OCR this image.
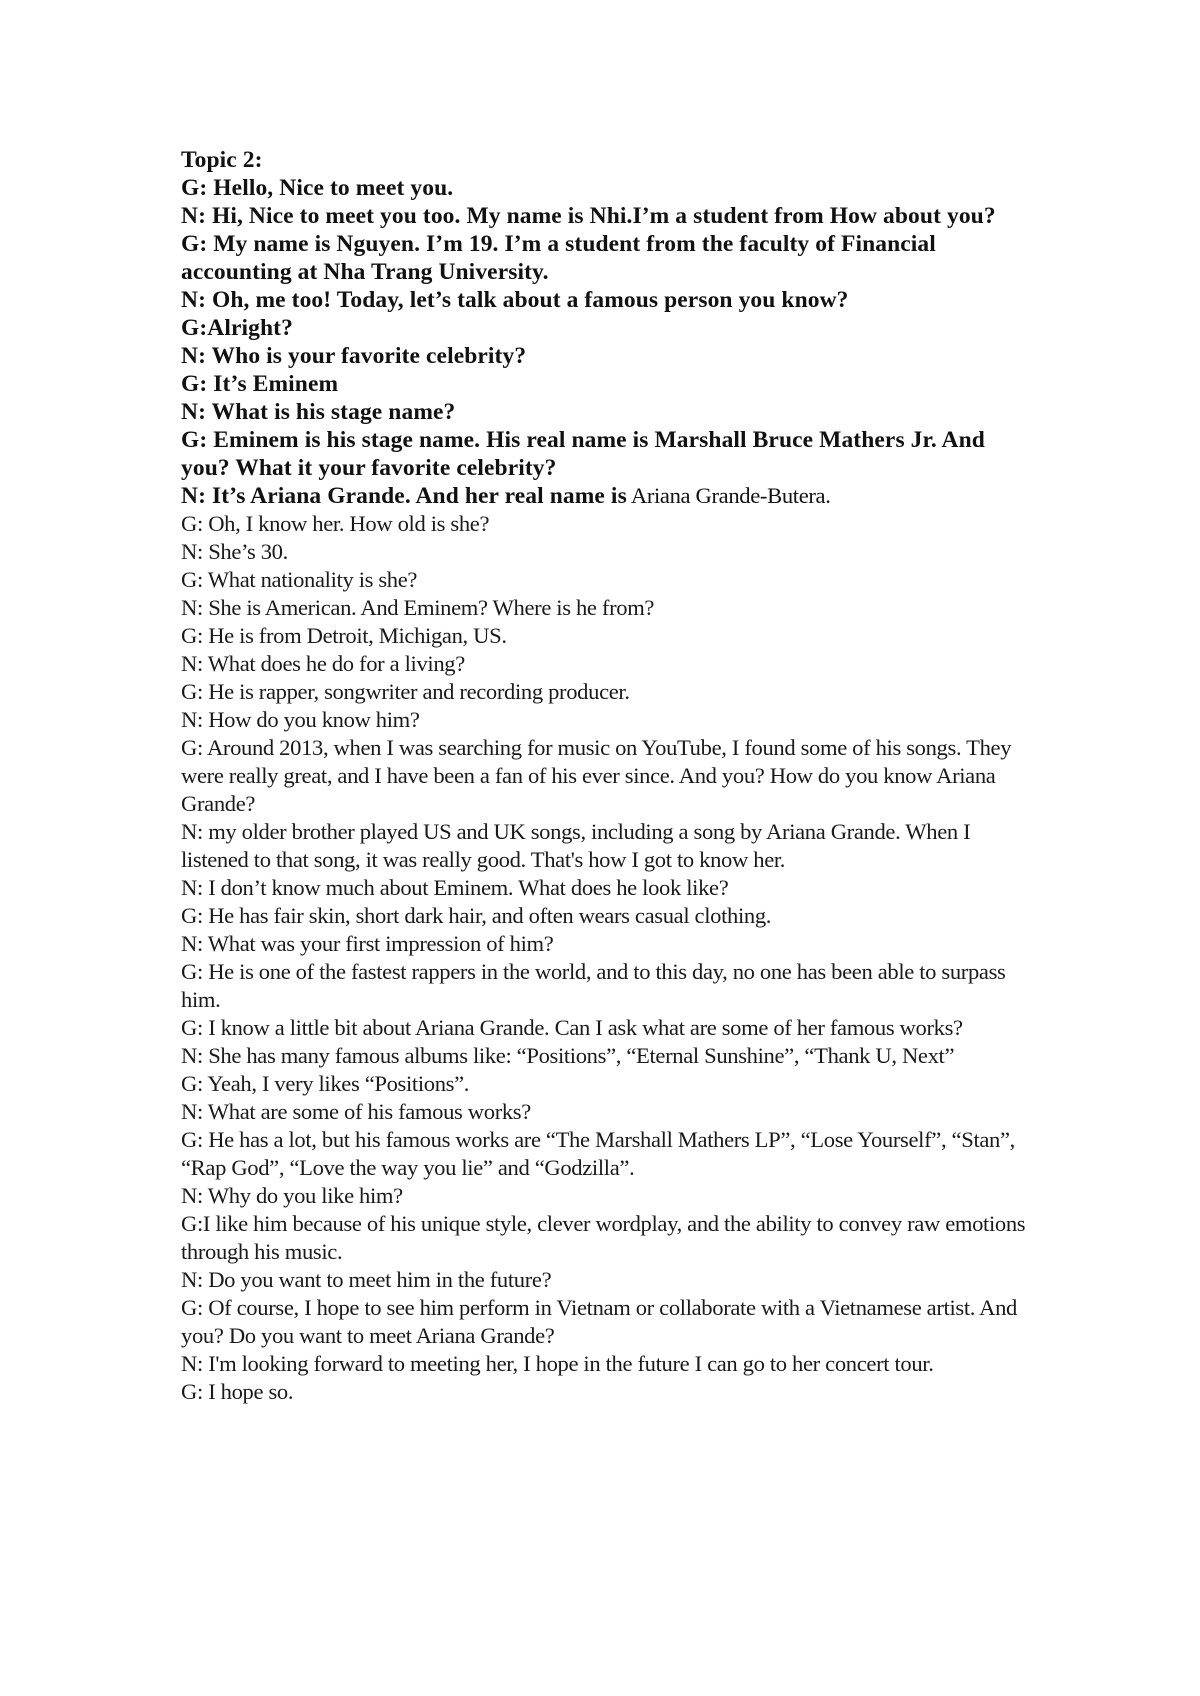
Topic 2:

G: Hello, Nice to meet you.

N: Hi, Nice to meet you too. My name is Nhi.I’m a student from How about you?

G: My name is Nguyen. I’m 19. I’m a student from the faculty of Financial accounting at Nha Trang University.

N: Oh, me too! Today, let’s talk about a famous person you know?

G:Alright?

N: Who is your favorite celebrity?

G: It’s Eminem

N: What is his stage name?

G: Eminem is his stage name. His real name is Marshall Bruce Mathers Jr. And you? What it your favorite celebrity?

N: It’s Ariana Grande. And her real name is Ariana Grande-Butera.

G: Oh, I know her. How old is she?

N: She’s 30.

G: What nationality is she?

N: She is American. And Eminem? Where is he from?

G: He is from Detroit, Michigan, US.

N: What does he do for a living?

G: He is rapper, songwriter and recording producer.

N: How do you know him?

G: Around 2013, when I was searching for music on YouTube, I found some of his songs. They were really great, and I have been a fan of his ever since. And you? How do you know Ariana Grande?

N: my older brother played US and UK songs, including a song by Ariana Grande. When I listened to that song, it was really good. That's how I got to know her.

N: I don’t know much about Eminem. What does he look like?

G: He has fair skin, short dark hair, and often wears casual clothing.

N: What was your first impression of him?

G: He is one of the fastest rappers in the world, and to this day, no one has been able to surpass him.

G: I know a little bit about Ariana Grande. Can I ask what are some of her famous works?

N: She has many famous albums like: “Positions”, “Eternal Sunshine”, “Thank U, Next”

G: Yeah, I very likes “Positions”.

N: What are some of his famous works?

G: He has a lot, but his famous works are “The Marshall Mathers LP”, “Lose Yourself”, “Stan”, “Rap God”, “Love the way you lie” and “Godzilla”.

N: Why do you like him?

G:I like him because of his unique style, clever wordplay, and the ability to convey raw emotions through his music.

N: Do you want to meet him in the future?

G: Of course, I hope to see him perform in Vietnam or collaborate with a Vietnamese artist. And you? Do you want to meet Ariana Grande?

N: I'm looking forward to meeting her, I hope in the future I can go to her concert tour.

G: I hope so.
